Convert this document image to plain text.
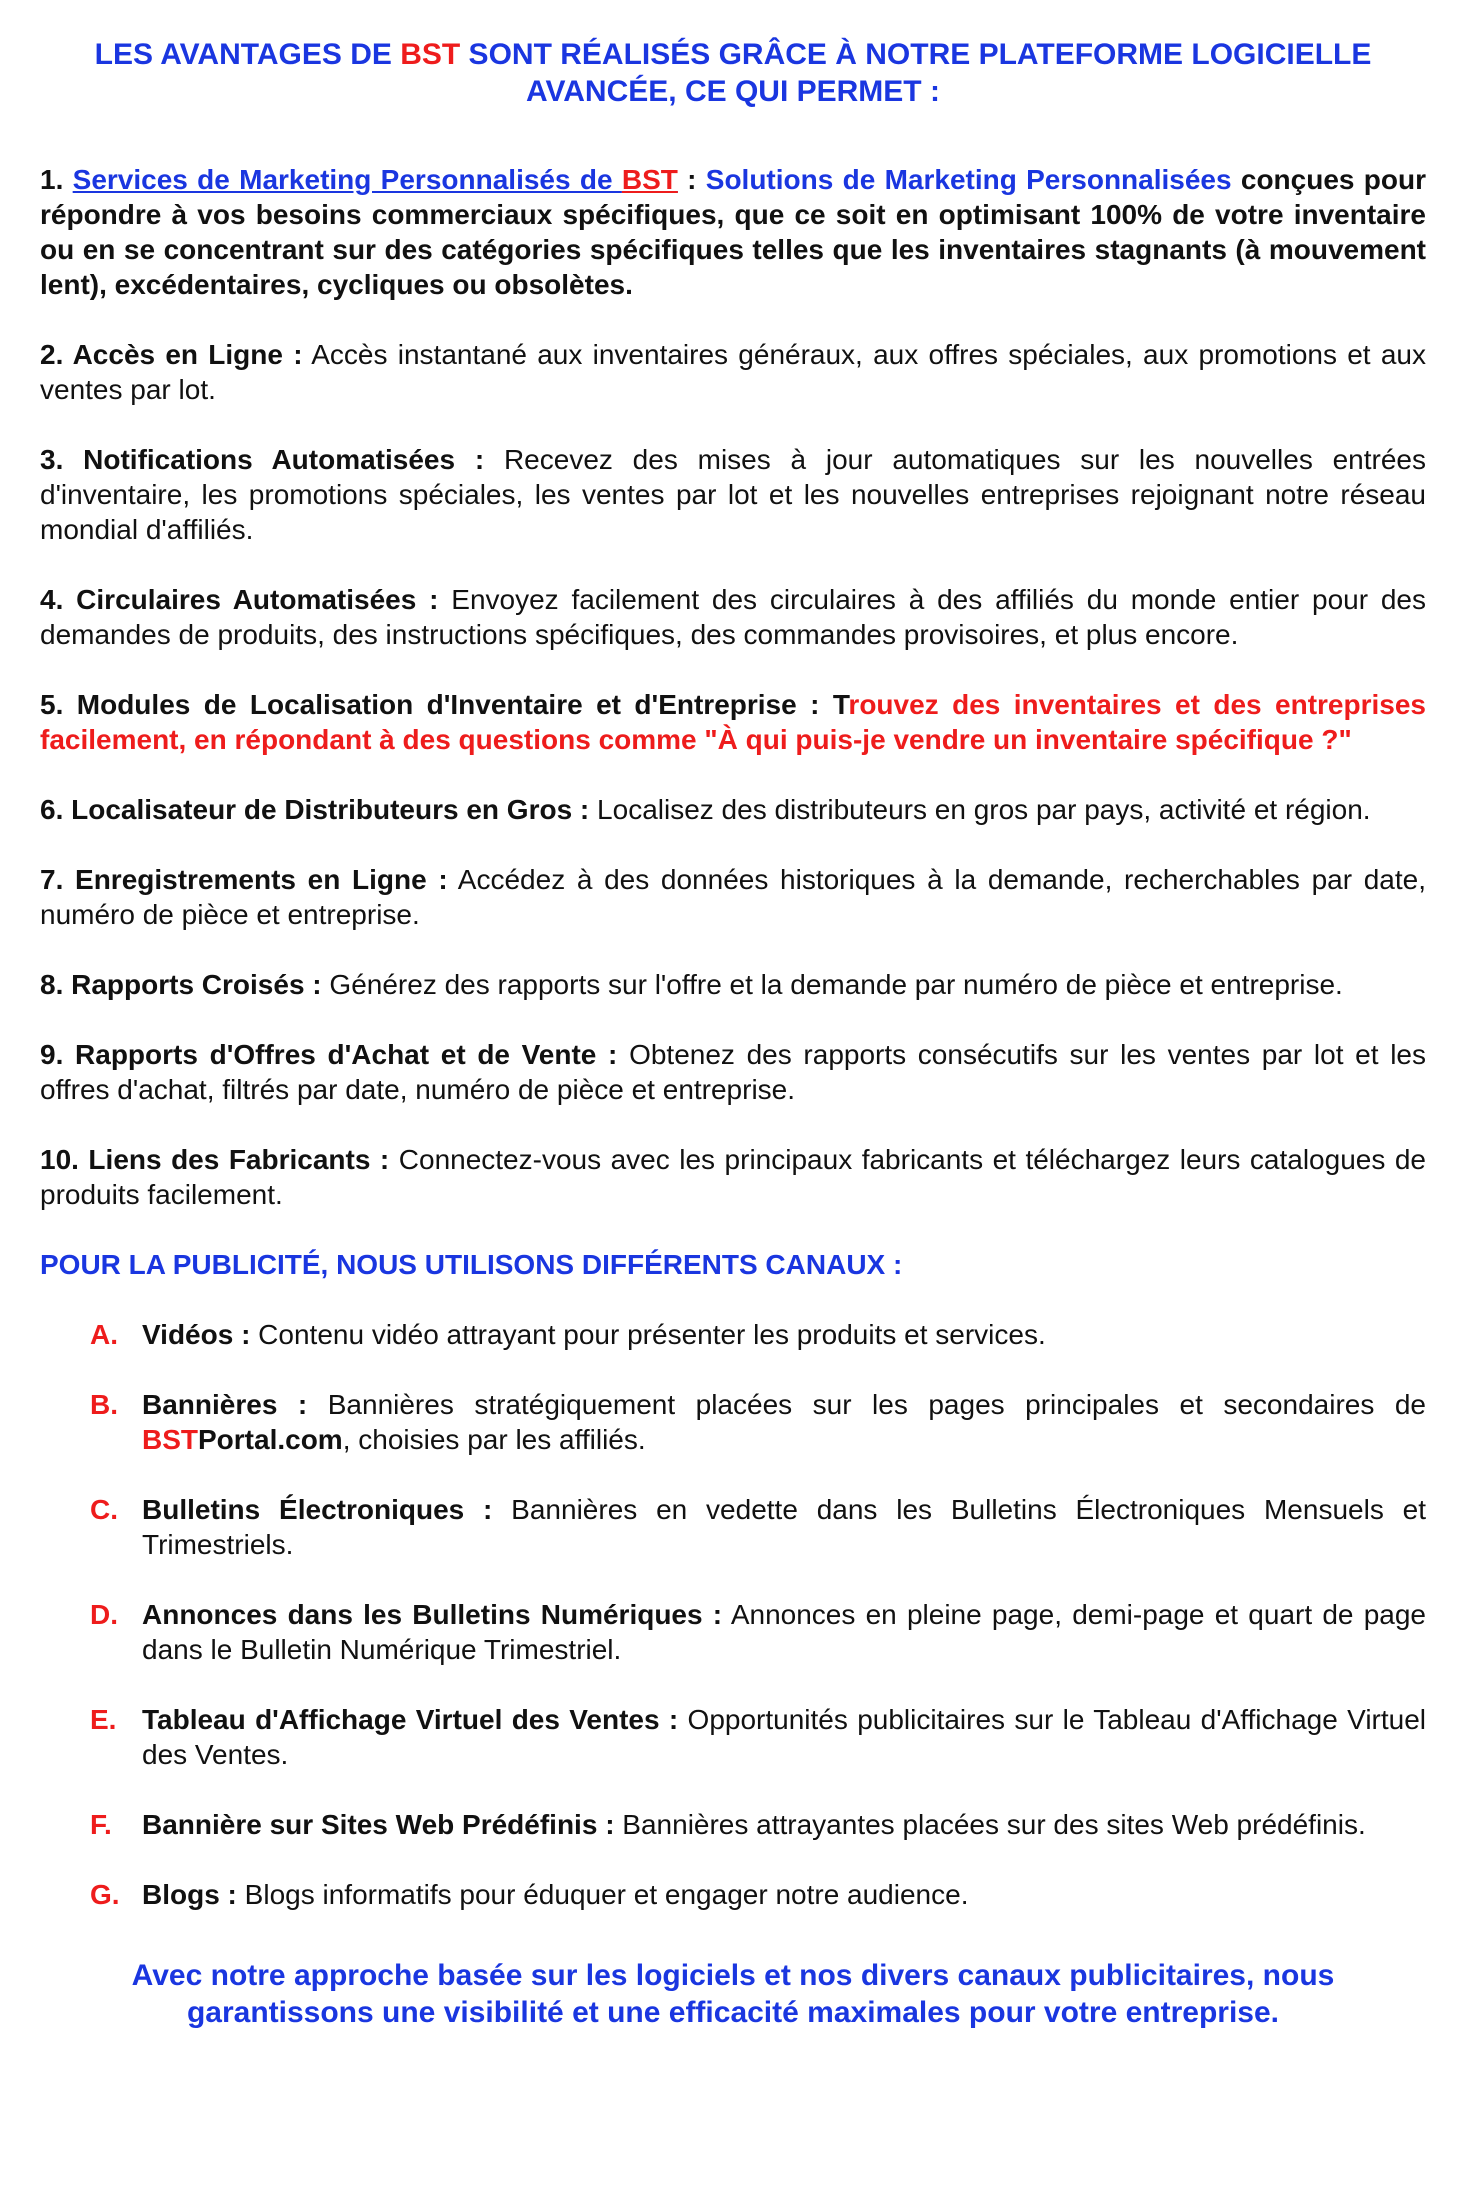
LES AVANTAGES DE BST SONT RÉALISÉS GRÂCE À NOTRE PLATEFORME LOGICIELLE AVANCÉE, CE QUI PERMET :
1. Services de Marketing Personnalisés de BST : Solutions de Marketing Personnalisées conçues pour répondre à vos besoins commerciaux spécifiques, que ce soit en optimisant 100% de votre inventaire ou en se concentrant sur des catégories spécifiques telles que les inventaires stagnants (à mouvement lent), excédentaires, cycliques ou obsolètes.
2. Accès en Ligne : Accès instantané aux inventaires généraux, aux offres spéciales, aux promotions et aux ventes par lot.
3. Notifications Automatisées : Recevez des mises à jour automatiques sur les nouvelles entrées d'inventaire, les promotions spéciales, les ventes par lot et les nouvelles entreprises rejoignant notre réseau mondial d'affiliés.
4. Circulaires Automatisées : Envoyez facilement des circulaires à des affiliés du monde entier pour des demandes de produits, des instructions spécifiques, des commandes provisoires, et plus encore.
5. Modules de Localisation d'Inventaire et d'Entreprise : Trouvez des inventaires et des entreprises facilement, en répondant à des questions comme "À qui puis-je vendre un inventaire spécifique ?"
6. Localisateur de Distributeurs en Gros : Localisez des distributeurs en gros par pays, activité et région.
7. Enregistrements en Ligne : Accédez à des données historiques à la demande, recherchables par date, numéro de pièce et entreprise.
8. Rapports Croisés : Générez des rapports sur l'offre et la demande par numéro de pièce et entreprise.
9. Rapports d'Offres d'Achat et de Vente : Obtenez des rapports consécutifs sur les ventes par lot et les offres d'achat, filtrés par date, numéro de pièce et entreprise.
10. Liens des Fabricants : Connectez-vous avec les principaux fabricants et téléchargez leurs catalogues de produits facilement.
POUR LA PUBLICITÉ, NOUS UTILISONS DIFFÉRENTS CANAUX :
A. Vidéos : Contenu vidéo attrayant pour présenter les produits et services.
B. Bannières : Bannières stratégiquement placées sur les pages principales et secondaires de BSTPortal.com, choisies par les affiliés.
C. Bulletins Électroniques : Bannières en vedette dans les Bulletins Électroniques Mensuels et Trimestriels.
D. Annonces dans les Bulletins Numériques : Annonces en pleine page, demi-page et quart de page dans le Bulletin Numérique Trimestriel.
E. Tableau d'Affichage Virtuel des Ventes : Opportunités publicitaires sur le Tableau d'Affichage Virtuel des Ventes.
F.	Bannière sur Sites Web Prédéfinis : Bannières attrayantes placées sur des sites Web prédéfinis.
G. Blogs : Blogs informatifs pour éduquer et engager notre audience.
Avec notre approche basée sur les logiciels et nos divers canaux publicitaires, nous garantissons une visibilité et une efficacité maximales pour votre entreprise.
